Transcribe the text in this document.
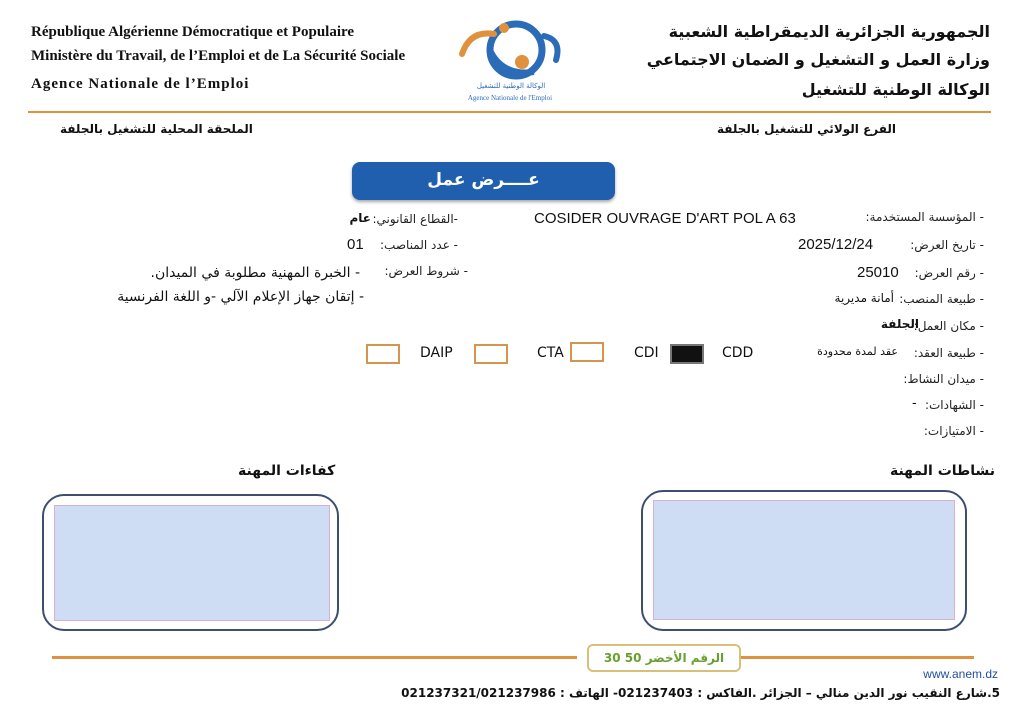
République Algérienne Démocratique et Populaire
Ministère du Travail, de l’Emploi et de La Sécurité Sociale
Agence Nationale de l’Emploi	الوكالة الوطنية للتشغيل
Agence Nationale de l'Emploi
الجمهورية الجزائرية الديمقراطية الشعبية
وزارة العمل و التشغيل و الضمان الاجتماعي
الوكالة الوطنية للتشغيل
الملحقة المحلية للتشغيل بالجلفة	الفرع الولائي للتشغيل بالجلفة
عــــرض عمل
- المؤسسة المستخدمة:
COSIDER OUVRAGE D'ART POL A 63
- تاريخ العرض:
2025/12/24
- رقم العرض:
25010
- طبيعة المنصب:
أمانة مديرية
- مكان العمل:
الجلفة
- طبيعة العقد:
عقد لمدة محدودة
- ميدان النشاط:
- الشهادات:
-
- الامتيازات:
-القطاع القانوني:
عام
- عدد المناصب:
01
- شروط العرض:
- الخبرة المهنية مطلوبة في الميدان.
- إتقان جهاز الإعلام الآلي -و اللغة الفرنسية
DAIP	CTA	CDI	CDD
كفاءات المهنة	نشاطات المهنة
الرقم الأخضر 50 30
www.anem.dz
5.شارع النقيب نور الدين منالي – الجزائر .الفاكس : 021237403- الهاتف : 021237321/021237986
